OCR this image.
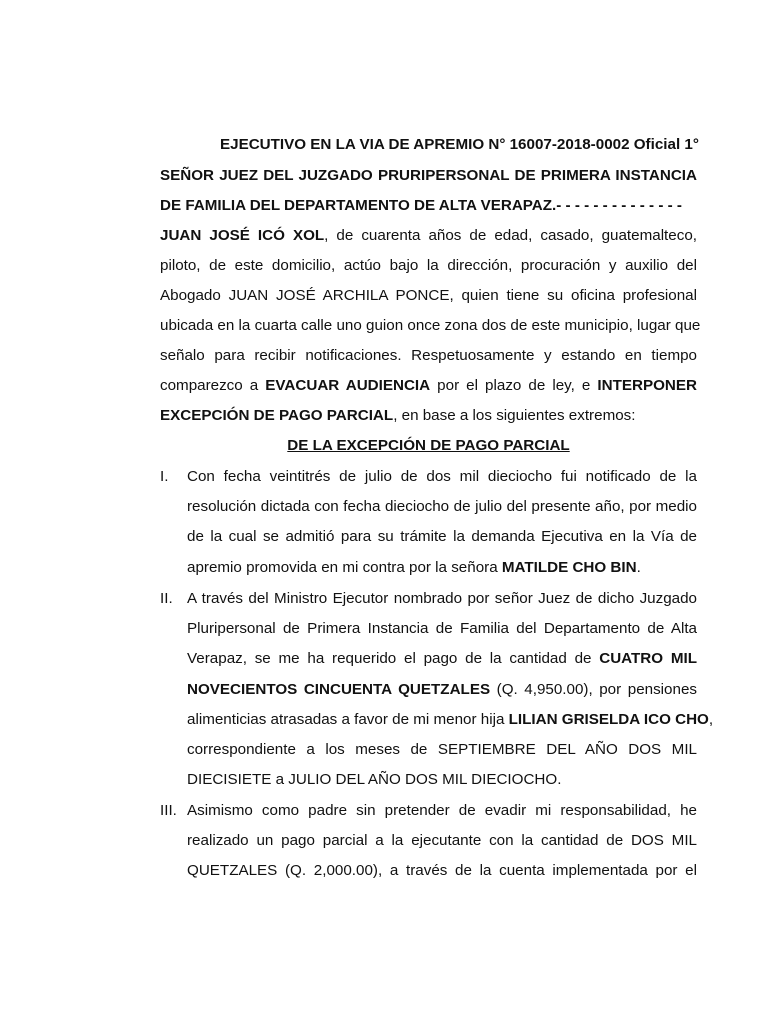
EJECUTIVO EN LA VIA DE APREMIO N° 16007-2018-0002 Oficial 1°
SEÑOR JUEZ DEL JUZGADO PRURIPERSONAL DE PRIMERA INSTANCIA
DE FAMILIA DEL DEPARTAMENTO DE ALTA VERAPAZ.- - - - - - - - - - - - - -
JUAN JOSÉ ICÓ XOL, de cuarenta años de edad, casado, guatemalteco,
piloto, de este domicilio, actúo bajo la dirección, procuración y auxilio del
Abogado JUAN JOSÉ ARCHILA PONCE, quien tiene su oficina profesional
ubicada en la cuarta calle uno guion once zona dos de este municipio, lugar que
señalo para recibir notificaciones. Respetuosamente y estando en tiempo
comparezco a EVACUAR AUDIENCIA por el plazo de ley, e INTERPONER
EXCEPCIÓN DE PAGO PARCIAL, en base a los siguientes extremos:
DE LA EXCEPCIÓN DE PAGO PARCIAL
I. Con fecha veintitrés de julio de dos mil dieciocho fui notificado de la
resolución dictada con fecha dieciocho de julio del presente año, por medio
de la cual se admitió para su trámite la demanda Ejecutiva en la Vía de
apremio promovida en mi contra por la señora MATILDE CHO BIN.
II. A través del Ministro Ejecutor nombrado por señor Juez de dicho Juzgado
Pluripersonal de Primera Instancia de Familia del Departamento de Alta
Verapaz, se me ha requerido el pago de la cantidad de CUATRO MIL
NOVECIENTOS CINCUENTA QUETZALES (Q. 4,950.00), por pensiones
alimenticias atrasadas a favor de mi menor hija LILIAN GRISELDA ICO CHO,
correspondiente a los meses de SEPTIEMBRE DEL AÑO DOS MIL
DIECISIETE a JULIO DEL AÑO DOS MIL DIECIOCHO.
III. Asimismo como padre sin pretender de evadir mi responsabilidad, he
realizado un pago parcial a la ejecutante con la cantidad de DOS MIL
QUETZALES (Q. 2,000.00), a través de la cuenta implementada por el
